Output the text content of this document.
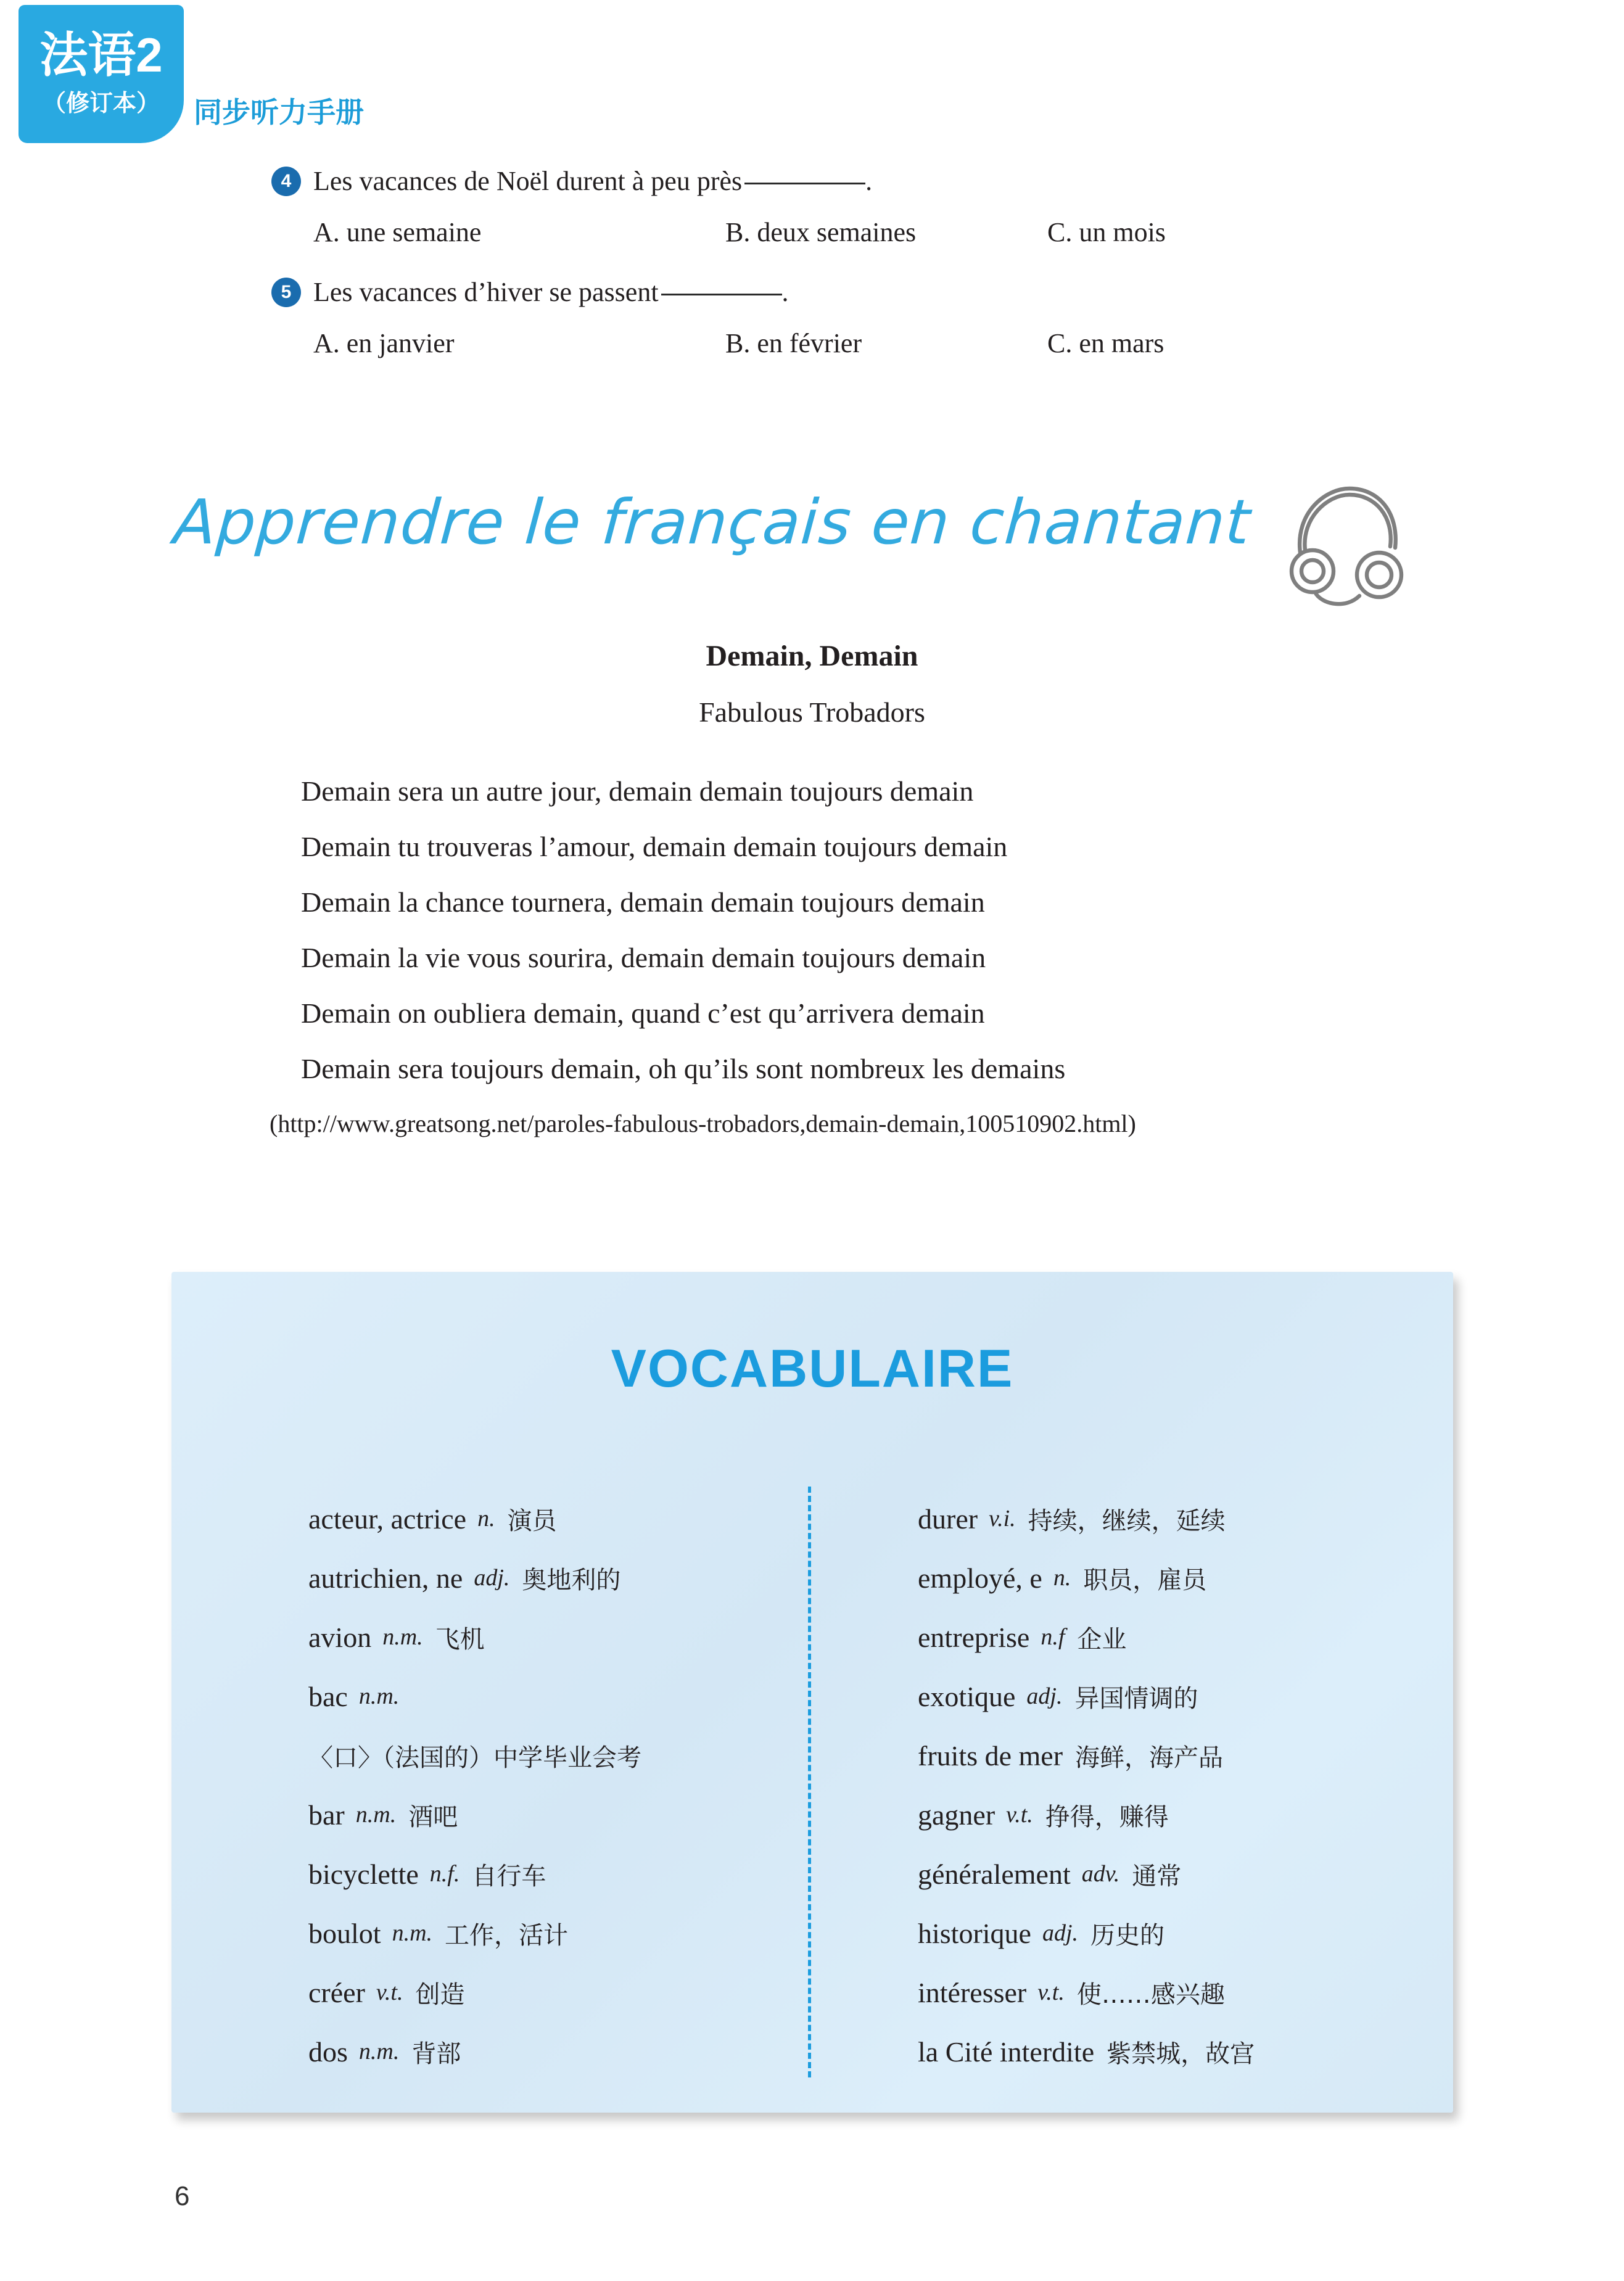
法语2
（修订本） 同步听力手册
4 Les vacances de Noël durent à peu près	.
A. une semaine	B. deux semaines	C. un mois
5 Les vacances d’hiver se passent	.
A. en janvier	B. en février	C. en mars
Apprendre le français en chantant
Demain, Demain
Fabulous Trobadors
Demain sera un autre jour, demain demain toujours demain
Demain tu trouveras l’amour, demain demain toujours demain
Demain la chance tournera, demain demain toujours demain
Demain la vie vous sourira, demain demain toujours demain
Demain on oubliera demain, quand c’est qu’arrivera demain
Demain sera toujours demain, oh qu’ils sont nombreux les demains
(http://www.greatsong.net/paroles-fabulous-trobadors,demain-demain,100510902.html)
VOCABULAIRE
acteur, actrice n. 演员
autrichien, ne adj. 奥地利的
avion n.m. 飞机
bac n.m.
〈口〉（法国的）中学毕业会考
bar n.m. 酒吧
bicyclette n.f. 自行车
boulot n.m. 工作，活计
créer v.t. 创造
dos n.m. 背部
durer v.i. 持续，继续，延续
employé, e n. 职员，雇员
entreprise n.f 企业
exotique adj. 异国情调的
fruits de mer 海鲜，海产品
gagner v.t. 挣得，赚得
généralement adv. 通常
historique adj. 历史的
intéresser v.t. 使……感兴趣
la Cité interdite 紫禁城，故宫
6
